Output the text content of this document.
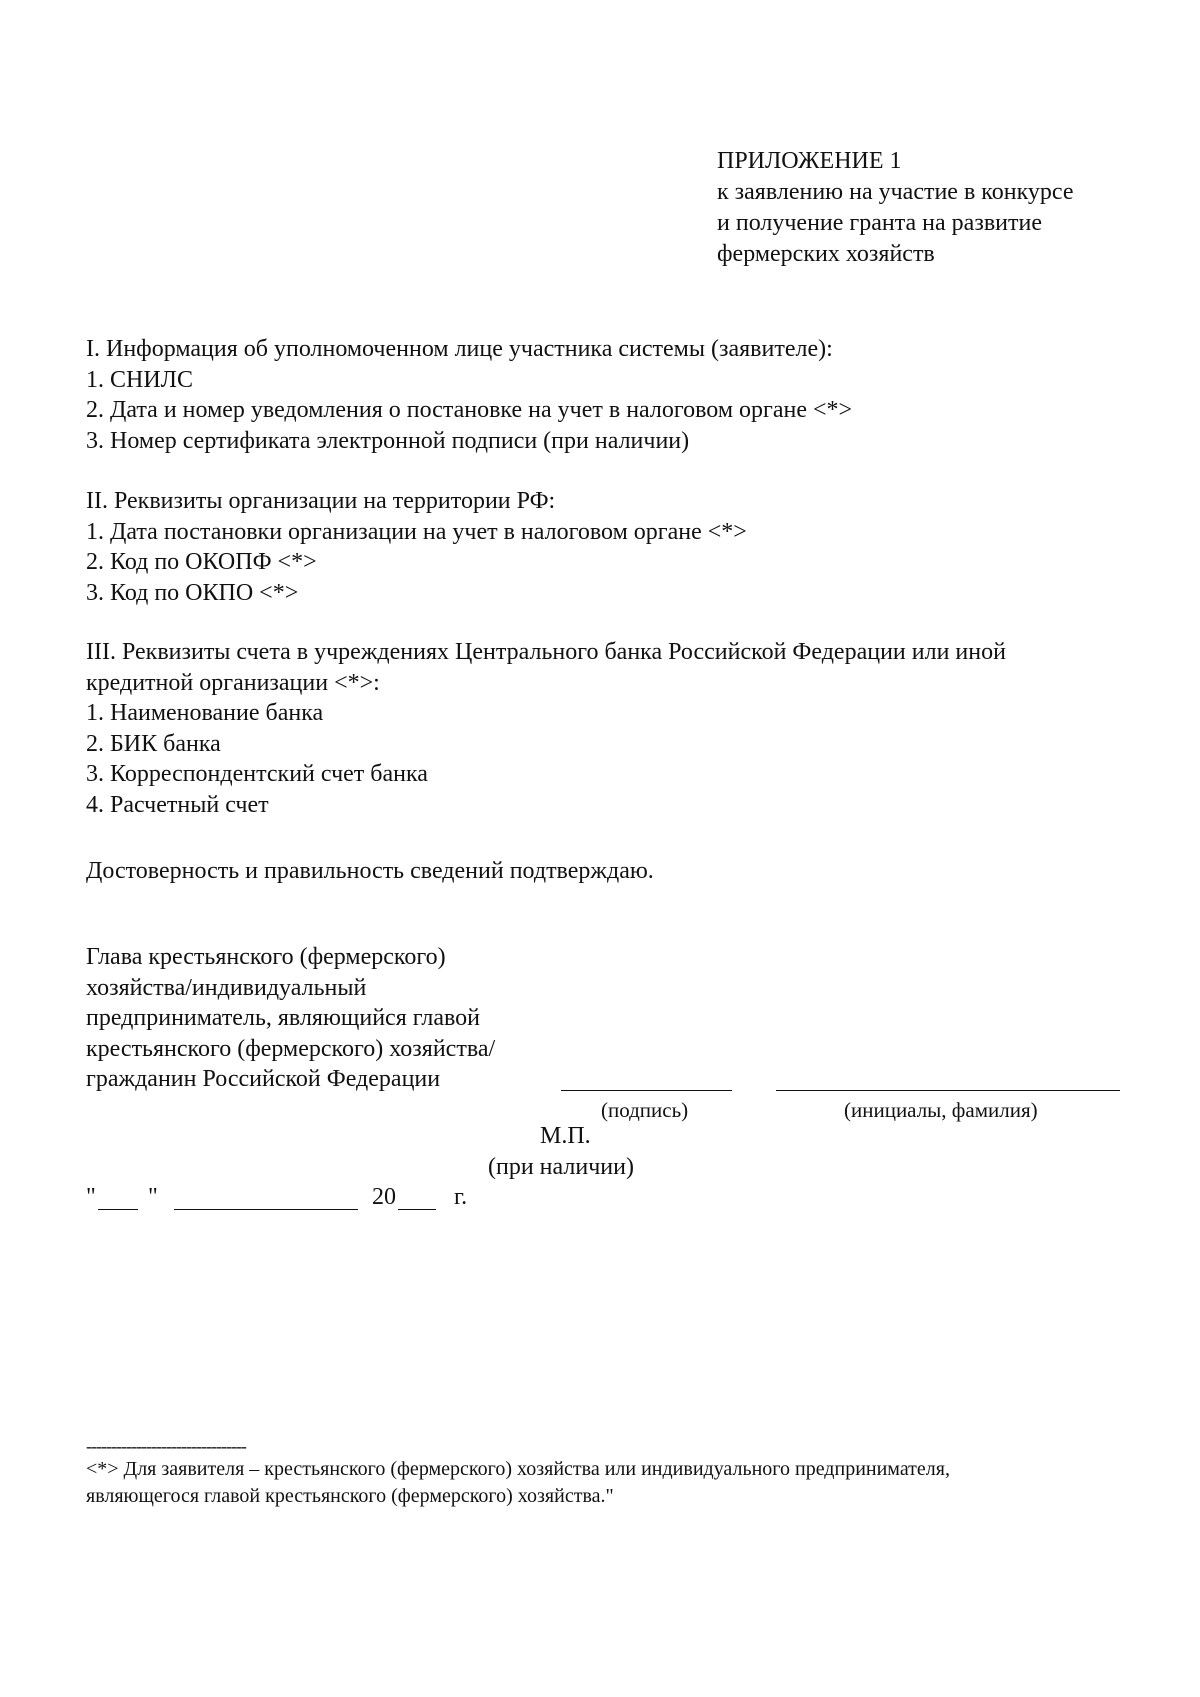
ПРИЛОЖЕНИЕ 1
к заявлению на участие в конкурсе
и получение гранта на развитие
фермерских хозяйств
I. Информация об уполномоченном лице участника системы (заявителе):
1. СНИЛС
2. Дата и номер уведомления о постановке на учет в налоговом органе <*>
3. Номер сертификата электронной подписи (при наличии)
II. Реквизиты организации на территории РФ:
1. Дата постановки организации на учет в налоговом органе <*>
2. Код по ОКОПФ <*>
3. Код по ОКПО <*>
III. Реквизиты счета в учреждениях Центрального банка Российской Федерации или иной
кредитной организации <*>:
1. Наименование банка
2. БИК банка
3. Корреспондентский счет банка
4. Расчетный счет
Достоверность и правильность сведений подтверждаю.
Глава крестьянского (фермерского)
хозяйства/индивидуальный
предприниматель, являющийся главой
крестьянского (фермерского) хозяйства/
гражданин Российской Федерации
(подпись)	(инициалы, фамилия)
М.П.
(при наличии)
" "	20 г.
--------------------------------
<*> Для заявителя – крестьянского (фермерского) хозяйства или индивидуального предпринимателя,
являющегося главой крестьянского (фермерского) хозяйства."
